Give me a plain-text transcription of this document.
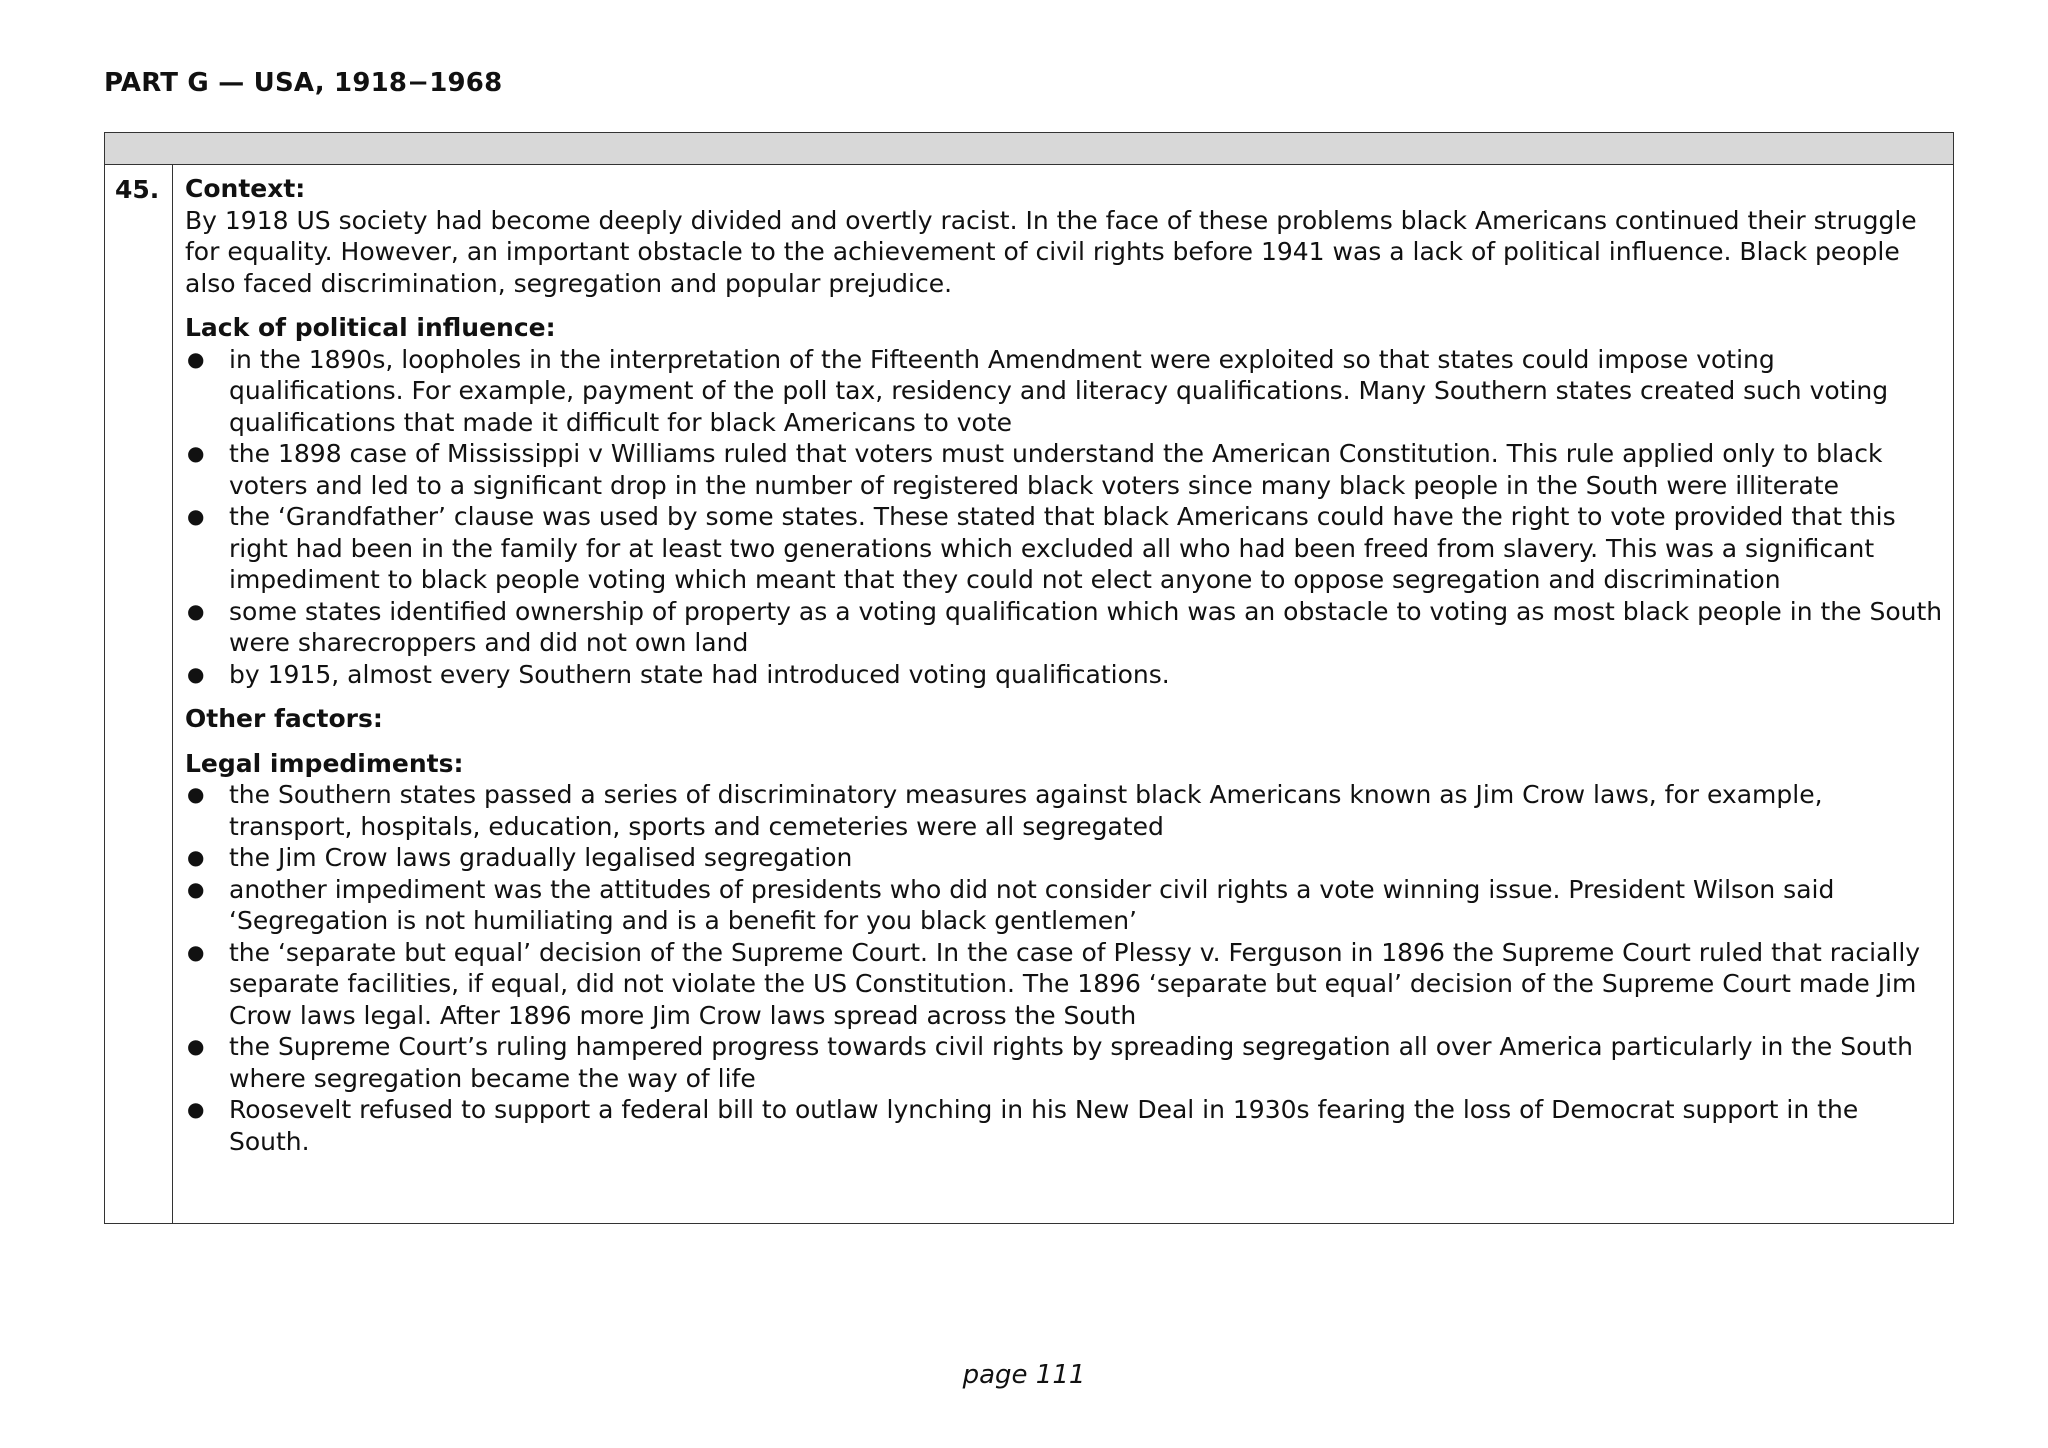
PART G — USA, 1918−1968
45. Context:

By 1918 US society had become deeply divided and overtly racist. In the face of these problems black Americans continued their struggle for equality. However, an important obstacle to the achievement of civil rights before 1941 was a lack of political influence. Black people also faced discrimination, segregation and popular prejudice.

Lack of political influence:
● in the 1890s, loopholes in the interpretation of the Fifteenth Amendment were exploited so that states could impose voting qualifications. For example, payment of the poll tax, residency and literacy qualifications. Many Southern states created such voting qualifications that made it difficult for black Americans to vote
● the 1898 case of Mississippi v Williams ruled that voters must understand the American Constitution. This rule applied only to black voters and led to a significant drop in the number of registered black voters since many black people in the South were illiterate
● the ‘Grandfather’ clause was used by some states. These stated that black Americans could have the right to vote provided that this right had been in the family for at least two generations which excluded all who had been freed from slavery. This was a significant impediment to black people voting which meant that they could not elect anyone to oppose segregation and discrimination
● some states identified ownership of property as a voting qualification which was an obstacle to voting as most black people in the South were sharecroppers and did not own land
● by 1915, almost every Southern state had introduced voting qualifications.
Other factors:
Legal impediments:
● the Southern states passed a series of discriminatory measures against black Americans known as Jim Crow laws, for example, transport, hospitals, education, sports and cemeteries were all segregated
● the Jim Crow laws gradually legalised segregation
● another impediment was the attitudes of presidents who did not consider civil rights a vote winning issue. President Wilson said ‘Segregation is not humiliating and is a benefit for you black gentlemen’
● the ‘separate but equal’ decision of the Supreme Court. In the case of Plessy v. Ferguson in 1896 the Supreme Court ruled that racially separate facilities, if equal, did not violate the US Constitution. The 1896 ‘separate but equal’ decision of the Supreme Court made Jim Crow laws legal. After 1896 more Jim Crow laws spread across the South
● the Supreme Court’s ruling hampered progress towards civil rights by spreading segregation all over America particularly in the South where segregation became the way of life
● Roosevelt refused to support a federal bill to outlaw lynching in his New Deal in 1930s fearing the loss of Democrat support in the South.
page 111
